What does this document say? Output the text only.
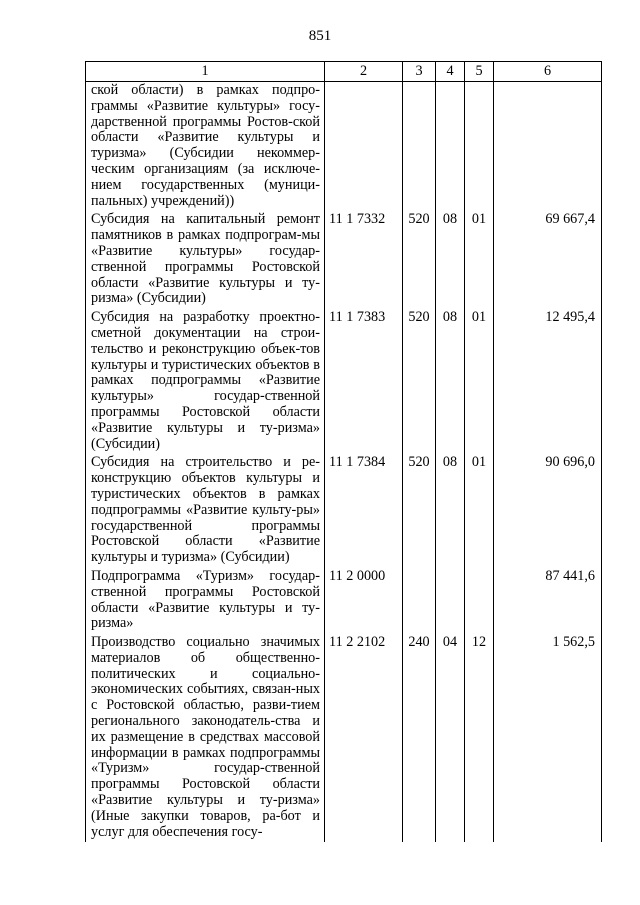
851
1	2	3	4	5	6
ской области) в рамках подпро-граммы «Развитие культуры» госу-дарственной программы Ростов-ской области «Развитие культуры и туризма» (Субсидии некоммер-ческим организациям (за исключе-нием государственных (муници-пальных) учреждений))					
Субсидия на капитальный ремонт памятников в рамках подпрограм-мы «Развитие культуры» государ-ственной программы Ростовской области «Развитие культуры и ту-ризма» (Субсидии)	11 1 7332	520	08	01	69 667,4
Субсидия на разработку проектно-сметной документации на строи-тельство и реконструкцию объек-тов культуры и туристических объектов в рамках подпрограммы «Развитие культуры» государ-ственной программы Ростовской области «Развитие культуры и ту-ризма» (Субсидии)	11 1 7383	520	08	01	12 495,4
Субсидия на строительство и ре-конструкцию объектов культуры и туристических объектов в рамках подпрограммы «Развитие культу-ры» государственной программы Ростовской области «Развитие культуры и туризма» (Субсидии)	11 1 7384	520	08	01	90 696,0
Подпрограмма «Туризм» государ-ственной программы Ростовской области «Развитие культуры и ту-ризма»	11 2 0000				87 441,6
Производство социально значимых материалов об общественно-политических и социально-экономических событиях, связан-ных с Ростовской областью, разви-тием регионального законодатель-ства и их размещение в средствах массовой информации в рамках подпрограммы «Туризм» государ-ственной программы Ростовской области «Развитие культуры и ту-ризма» (Иные закупки товаров, ра-бот и услуг для обеспечения госу-	11 2 2102	240	04	12	1 562,5
